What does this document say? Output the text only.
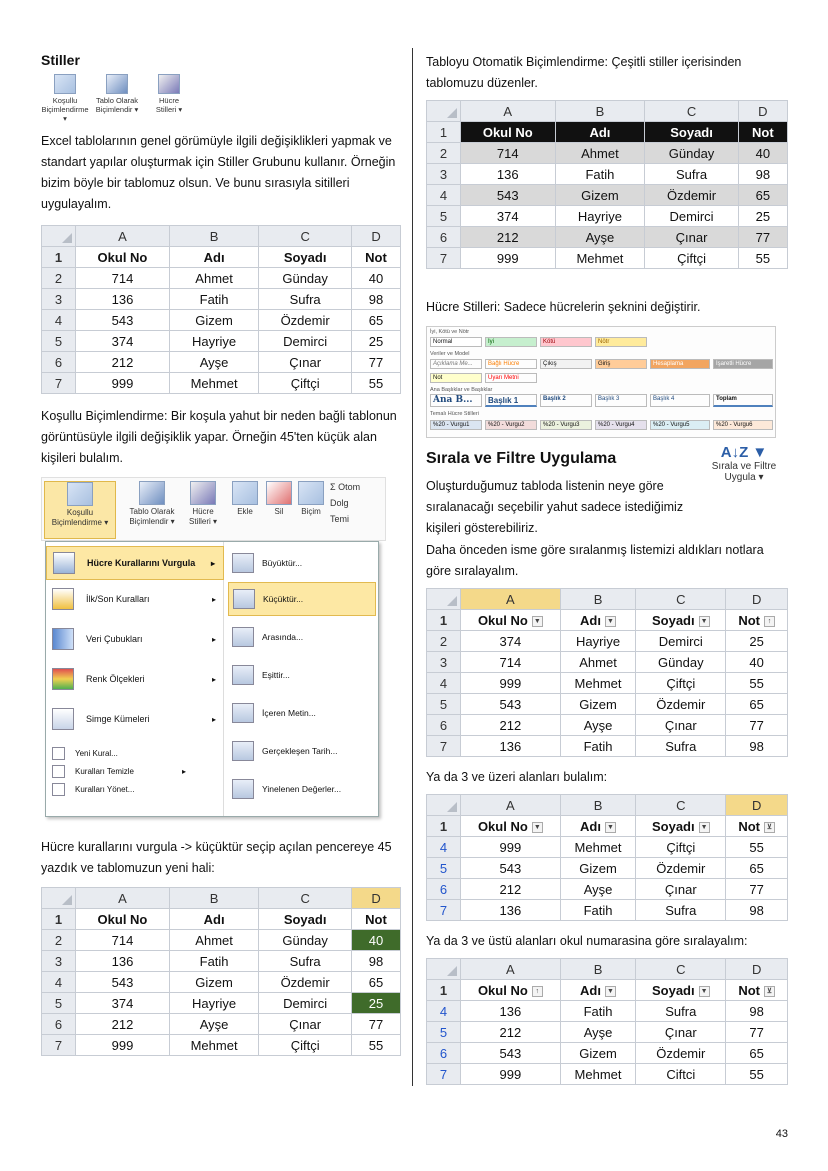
Stiller
Koşullu
Biçimlendirme ▾
Tablo Olarak
Biçimlendir ▾
Hücre
Stilleri ▾

Excel tablolarının genel görümüyle ilgili değişiklikleri yapmak ve standart yapılar oluşturmak için Stiller Grubunu kullanır. Örneğin bizim böyle bir tablomuz olsun. Ve bunu sırasıyla sitilleri uygulayalım.

	A	B	C	D
1	Okul No	Adı	Soyadı	Not
2	714	Ahmet	Günday	40
3	136	Fatih	Sufra	98
4	543	Gizem	Özdemir	65
5	374	Hayriye	Demirci	25
6	212	Ayşe	Çınar	77
7	999	Mehmet	Çiftçi	55

Koşullu Biçimlendirme: Bir koşula yahut bir neden bağli tablonun görüntüsüyle ilgili değişiklik yapar. Örneğin 45'ten küçük alan kişileri bulalım.

Koşullu
Biçimlendirme ▾
Tablo Olarak
Biçimlendir ▾
Hücre
Stilleri ▾
Ekle	Sil	Biçim
Σ Otom
Dolg
Temi
Hücre Kurallarını Vurgula ▸
İlk/Son Kuralları	▸
Veri Çubukları	▸
Renk Ölçekleri	▸
Simge Kümeleri	▸
Yeni Kural...
Kuralları Temizle	▸
Kuralları Yönet...
Büyüktür...
Küçüktür...
Arasında...
Eşittir...
İçeren Metin...
Gerçekleşen Tarih...
Yinelenen Değerler...

Hücre kurallarını vurgula -> küçüktür seçip açılan pencereye 45 yazdık ve tablomuzun yeni hali:

	A	B	C	D
1	Okul No	Adı	Soyadı	Not
2	714	Ahmet	Günday	40
3	136	Fatih	Sufra	98
4	543	Gizem	Özdemir	65
5	374	Hayriye	Demirci	25
6	212	Ayşe	Çınar	77
7	999	Mehmet	Çiftçi	55

Tabloyu Otomatik Biçimlendirme: Çeşitli stiller içerisinden tablomuzu düzenler.

	A	B	C	D
1	Okul No	Adı	Soyadı	Not
2	714	Ahmet	Günday	40
3	136	Fatih	Sufra	98
4	543	Gizem	Özdemir	65
5	374	Hayriye	Demirci	25
6	212	Ayşe	Çınar	77
7	999	Mehmet	Çiftçi	55

Hücre Stilleri: Sadece hücrelerin şeknini değiştirir.

İyi, Kötü ve Nötr
Normal	İyi	Kötü	Nötr
Veriler ve Model
Açıklama Me...	Bağlı Hücre	Çıkış	Giriş	Hesaplama	İşaretli Hücre
Not	Uyarı Metni
Ana Başlıklar ve Başlıklar
Ana B...	Başlık 1	Başlık 2	Başlık 3	Başlık 4	Toplam
Temalı Hücre Stilleri
%20 - Vurgu1	%20 - Vurgu2	%20 - Vurgu3	%20 - Vurgu4	%20 - Vurgu5	%20 - Vurgu6
Sırala ve Filtre Uygulama	A↓Z ▼
Sırala ve Filtre
Uygula ▾

Oluşturduğumuz tabloda listenin neye göre sıralanacağı seçebilir yahut sadece istediğimiz kişileri gösterebiliriz.

Daha önceden isme göre sıralanmış listemizi aldıkları notlara göre sıralayalım.

	A	B	C	D
1	Okul No ▼	Adı ▼	Soyadı ▼	Not ↑
2	374	Hayriye	Demirci	25
3	714	Ahmet	Günday	40
4	999	Mehmet	Çiftçi	55
5	543	Gizem	Özdemir	65
6	212	Ayşe	Çınar	77
7	136	Fatih	Sufra	98

Ya da 3 ve üzeri alanları bulalım:

	A	B	C	D
1	Okul No ▼	Adı ▼	Soyadı ▼	Not ⊻
4	999	Mehmet	Çiftçi	55
5	543	Gizem	Özdemir	65
6	212	Ayşe	Çınar	77
7	136	Fatih	Sufra	98

Ya da 3 ve üstü alanları okul numarasina göre sıralayalım:

	A	B	C	D
1	Okul No ↑	Adı ▼	Soyadı ▼	Not ⊻
4	136	Fatih	Sufra	98
5	212	Ayşe	Çınar	77
6	543	Gizem	Özdemir	65
7	999	Mehmet	Ciftci	55
43
